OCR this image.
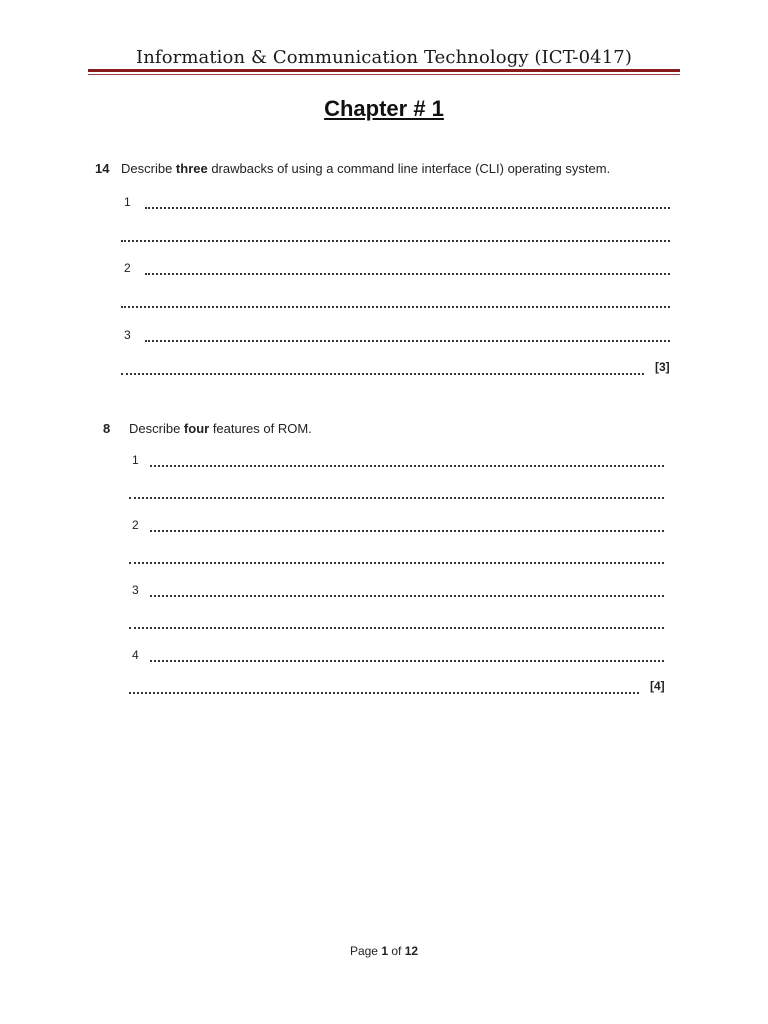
Information & Communication Technology (ICT-0417)
Chapter # 1
14 Describe three drawbacks of using a command line interface (CLI) operating system.
1
2
3
[3]
8 Describe four features of ROM.
1
2
3
4
[4]
Page 1 of 12
